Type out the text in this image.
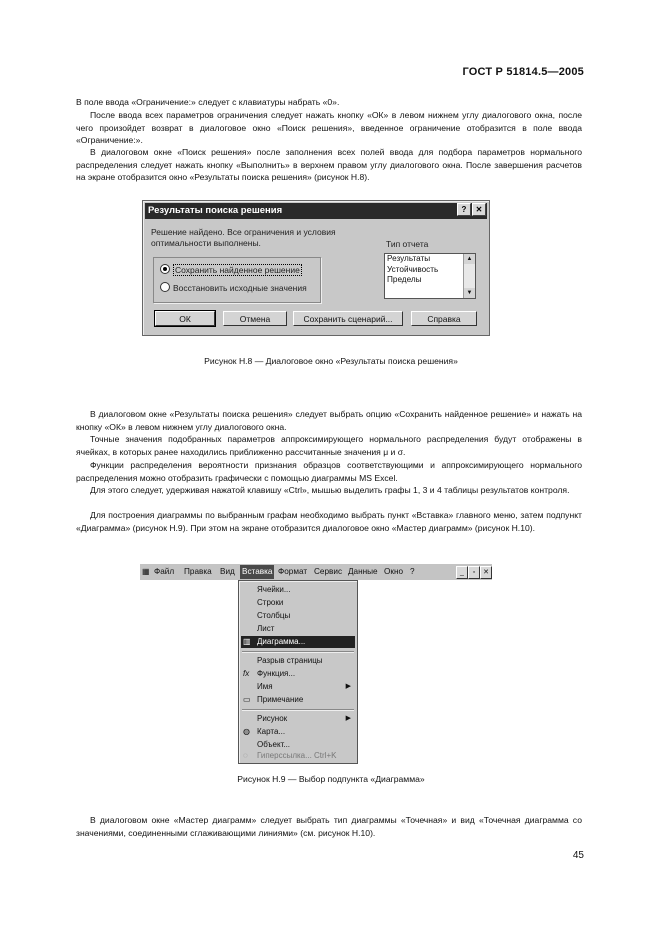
ГОСТ Р 51814.5—2005

В поле ввода «Ограничение:» следует с клавиатуры набрать «0».

После ввода всех параметров ограничения следует нажать кнопку «ОК» в левом нижнем углу диалогового окна, после чего произойдет возврат в диалоговое окно «Поиск решения», введенное ограничение отобразится в поле ввода «Ограничение:».

В диалоговом окне «Поиск решения» после заполнения всех полей ввода для подбора параметров нормального распределения следует нажать кнопку «Выполнить» в верхнем правом углу диалогового окна. После завершения расчетов на экране отобразится окно «Результаты поиска решения» (рисунок Н.8).

Результаты поиска решения	?	✕
Решение найдено. Все ограничения и условия
оптимальности выполнены.
Сохранить найденное решение
Восстановить исходные значения
Тип отчета
Результаты
Устойчивость
Пределы
▲
▼
ОК	Отмена	Сохранить сценарий...	Справка
Рисунок Н.8 — Диалоговое окно «Результаты поиска решения»

В диалоговом окне «Результаты поиска решения» следует выбрать опцию «Сохранить найденное решение» и нажать на кнопку «ОК» в левом нижнем углу диалогового окна.

Точные значения подобранных параметров аппроксимирующего нормального распределения будут отображены в ячейках, в которых ранее находились приближенно рассчитанные значения μ и σ.

Функции распределения вероятности признания образцов соответствующими и аппроксимирующего нормального распределения можно отобразить графически с помощью диаграммы MS Excel.

Для этого следует, удерживая нажатой клавишу «Ctrl», мышью выделить графы 1, 3 и 4 таблицы результатов контроля.

Для построения диаграммы по выбранным графам необходимо выбрать пункт «Вставка» главного меню, затем подпункт «Диаграмма» (рисунок Н.9). При этом на экране отобразится диалоговое окно «Мастер диаграмм» (рисунок Н.10).

▦ Файл Правка Вид Вставка Формат Сервис Данные Окно ?	_	▫	✕
Ячейки...
Строки
Столбцы
Лист
▥ Диаграмма...
Разрыв страницы
fx Функция...
Имя	▶
▭ Примечание
Рисунок	▶
◍ Карта...
Объект...
◌ Гиперссылка... Ctrl+K
Рисунок Н.9 — Выбор подпункта «Диаграмма»

В диалоговом окне «Мастер диаграмм» следует выбрать тип диаграммы «Точечная» и вид «Точечная диаграмма со значениями, соединенными сглаживающими линиями» (см. рисунок Н.10).

45
